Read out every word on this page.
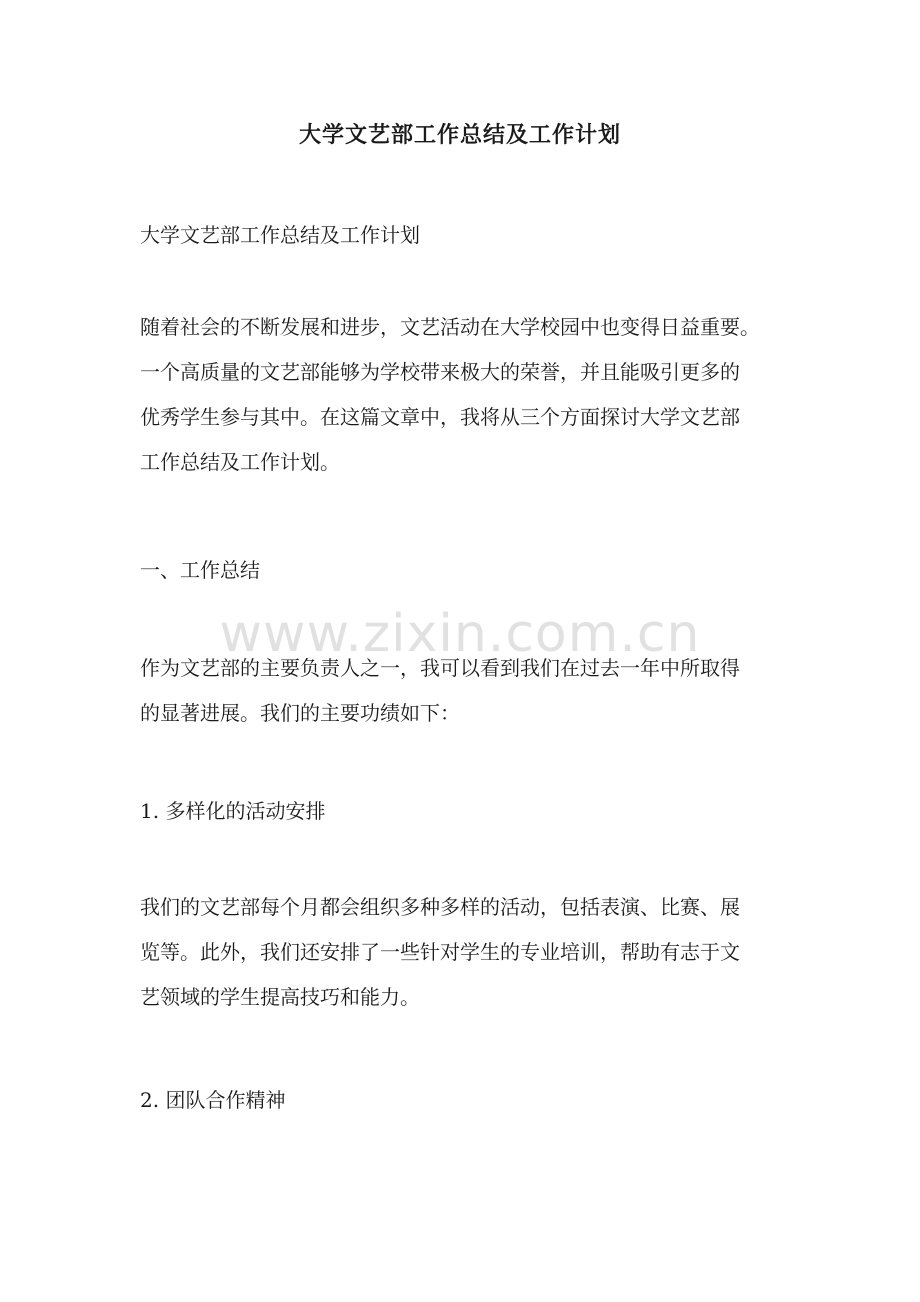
大学文艺部工作总结及工作计划

大学文艺部工作总结及工作计划

随着社会的不断发展和进步，文艺活动在大学校园中也变得日益重要。
一个高质量的文艺部能够为学校带来极大的荣誉，并且能吸引更多的
优秀学生参与其中。在这篇文章中，我将从三个方面探讨大学文艺部
工作总结及工作计划。

一、工作总结

作为文艺部的主要负责人之一，我可以看到我们在过去一年中所取得
的显著进展。我们的主要功绩如下：

1. 多样化的活动安排

我们的文艺部每个月都会组织多种多样的活动，包括表演、比赛、展
览等。此外，我们还安排了一些针对学生的专业培训，帮助有志于文
艺领域的学生提高技巧和能力。

2. 团队合作精神

www.zixin.com.cn
